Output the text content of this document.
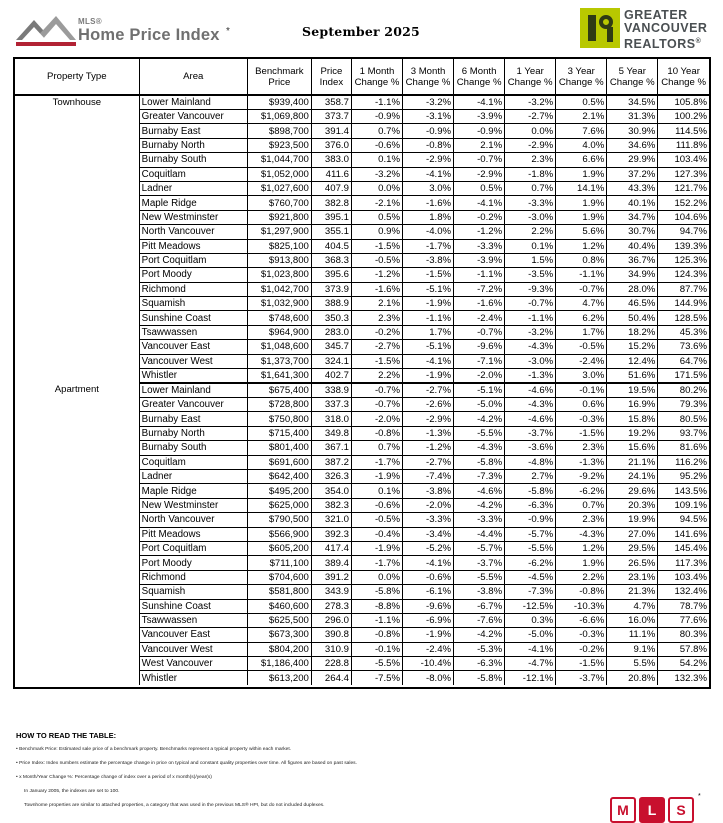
MLS®
Home Price Index *	September 2025
GREATER
VANCOUVER
REALTORS®
Property Type	Area	Benchmark Price	Price Index	1 Month Change %	3 Month Change %	6 Month Change %	1 Year Change %	3 Year Change %	5 Year Change %	10 Year Change %
Townhouse	Lower Mainland	$939,400	358.7	-1.1%	-3.2%	-4.1%	-3.2%	0.5%	34.5%	105.8%
	Greater Vancouver	$1,069,800	373.7	-0.9%	-3.1%	-3.9%	-2.7%	2.1%	31.3%	100.2%
	Burnaby East	$898,700	391.4	0.7%	-0.9%	-0.9%	0.0%	7.6%	30.9%	114.5%
	Burnaby North	$923,500	376.0	-0.6%	-0.8%	2.1%	-2.9%	4.0%	34.6%	111.8%
	Burnaby South	$1,044,700	383.0	0.1%	-2.9%	-0.7%	2.3%	6.6%	29.9%	103.4%
	Coquitlam	$1,052,000	411.6	-3.2%	-4.1%	-2.9%	-1.8%	1.9%	37.2%	127.3%
	Ladner	$1,027,600	407.9	0.0%	3.0%	0.5%	0.7%	14.1%	43.3%	121.7%
	Maple Ridge	$760,700	382.8	-2.1%	-1.6%	-4.1%	-3.3%	1.9%	40.1%	152.2%
	New Westminster	$921,800	395.1	0.5%	1.8%	-0.2%	-3.0%	1.9%	34.7%	104.6%
	North Vancouver	$1,297,900	355.1	0.9%	-4.0%	-1.2%	2.2%	5.6%	30.7%	94.7%
	Pitt Meadows	$825,100	404.5	-1.5%	-1.7%	-3.3%	0.1%	1.2%	40.4%	139.3%
	Port Coquitlam	$913,800	368.3	-0.5%	-3.8%	-3.9%	1.5%	0.8%	36.7%	125.3%
	Port Moody	$1,023,800	395.6	-1.2%	-1.5%	-1.1%	-3.5%	-1.1%	34.9%	124.3%
	Richmond	$1,042,700	373.9	-1.6%	-5.1%	-7.2%	-9.3%	-0.7%	28.0%	87.7%
	Squamish	$1,032,900	388.9	2.1%	-1.9%	-1.6%	-0.7%	4.7%	46.5%	144.9%
	Sunshine Coast	$748,600	350.3	2.3%	-1.1%	-2.4%	-1.1%	6.2%	50.4%	128.5%
	Tsawwassen	$964,900	283.0	-0.2%	1.7%	-0.7%	-3.2%	1.7%	18.2%	45.3%
	Vancouver East	$1,048,600	345.7	-2.7%	-5.1%	-9.6%	-4.3%	-0.5%	15.2%	73.6%
	Vancouver West	$1,373,700	324.1	-1.5%	-4.1%	-7.1%	-3.0%	-2.4%	12.4%	64.7%
	Whistler	$1,641,300	402.7	2.2%	-1.9%	-2.0%	-1.3%	3.0%	51.6%	171.5%
Apartment	Lower Mainland	$675,400	338.9	-0.7%	-2.7%	-5.1%	-4.6%	-0.1%	19.5%	80.2%
	Greater Vancouver	$728,800	337.3	-0.7%	-2.6%	-5.0%	-4.3%	0.6%	16.9%	79.3%
	Burnaby East	$750,800	318.0	-2.0%	-2.9%	-4.2%	-4.6%	-0.3%	15.8%	80.5%
	Burnaby North	$715,400	349.8	-0.8%	-1.3%	-5.5%	-3.7%	-1.5%	19.2%	93.7%
	Burnaby South	$801,400	367.1	0.7%	-1.2%	-4.3%	-3.6%	2.3%	15.6%	81.6%
	Coquitlam	$691,600	387.2	-1.7%	-2.7%	-5.8%	-4.8%	-1.3%	21.1%	116.2%
	Ladner	$642,400	326.3	-1.9%	-7.4%	-7.3%	2.7%	-9.2%	24.1%	95.2%
	Maple Ridge	$495,200	354.0	0.1%	-3.8%	-4.6%	-5.8%	-6.2%	29.6%	143.5%
	New Westminster	$625,000	382.3	-0.6%	-2.0%	-4.2%	-6.3%	0.7%	20.3%	109.1%
	North Vancouver	$790,500	321.0	-0.5%	-3.3%	-3.3%	-0.9%	2.3%	19.9%	94.5%
	Pitt Meadows	$566,900	392.3	-0.4%	-3.4%	-4.4%	-5.7%	-4.3%	27.0%	141.6%
	Port Coquitlam	$605,200	417.4	-1.9%	-5.2%	-5.7%	-5.5%	1.2%	29.5%	145.4%
	Port Moody	$711,100	389.4	-1.7%	-4.1%	-3.7%	-6.2%	1.9%	26.5%	117.3%
	Richmond	$704,600	391.2	0.0%	-0.6%	-5.5%	-4.5%	2.2%	23.1%	103.4%
	Squamish	$581,800	343.9	-5.8%	-6.1%	-3.8%	-7.3%	-0.8%	21.3%	132.4%
	Sunshine Coast	$460,600	278.3	-8.8%	-9.6%	-6.7%	-12.5%	-10.3%	4.7%	78.7%
	Tsawwassen	$625,500	296.0	-1.1%	-6.9%	-7.6%	0.3%	-6.6%	16.0%	77.6%
	Vancouver East	$673,300	390.8	-0.8%	-1.9%	-4.2%	-5.0%	-0.3%	11.1%	80.3%
	Vancouver West	$804,200	310.9	-0.1%	-2.4%	-5.3%	-4.1%	-0.2%	9.1%	57.8%
	West Vancouver	$1,186,400	228.8	-5.5%	-10.4%	-6.3%	-4.7%	-1.5%	5.5%	54.2%
	Whistler	$613,200	264.4	-7.5%	-8.0%	-5.8%	-12.1%	-3.7%	20.8%	132.3%
HOW TO READ THE TABLE:
• Benchmark Price: Estimated sale price of a benchmark property. Benchmarks represent a typical property within each market.
• Price Index: Index numbers estimate the percentage change in price on typical and constant quality properties over time. All figures are based on past sales.
• x Month/Year Change %: Percentage change of index over a period of x month(s)/year(s)
In January 2005, the indexes are set to 100.
Townhome properties are similar to attached properties, a category that was used in the previous MLS® HPI, but do not included duplexes.	M	L	S
*
